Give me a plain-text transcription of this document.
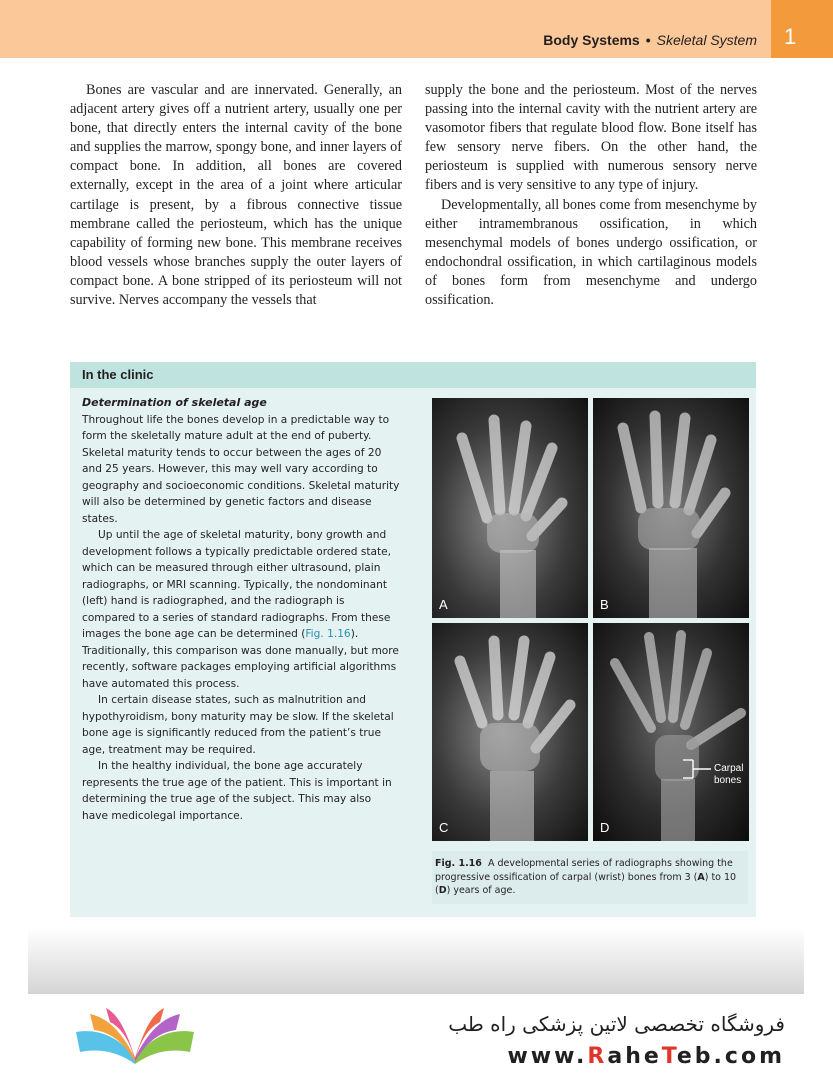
Body Systems • Skeletal System 1

Bones are vascular and are innervated. Generally, an adjacent artery gives off a nutrient artery, usually one per bone, that directly enters the internal cavity of the bone and supplies the marrow, spongy bone, and inner layers of compact bone. In addition, all bones are covered externally, except in the area of a joint where articular cartilage is present, by a fibrous connective tissue membrane called the periosteum, which has the unique capability of forming new bone. This membrane receives blood vessels whose branches supply the outer layers of compact bone. A bone stripped of its periosteum will not survive. Nerves accompany the vessels that

supply the bone and the periosteum. Most of the nerves passing into the internal cavity with the nutrient artery are vasomotor fibers that regulate blood flow. Bone itself has few sensory nerve fibers. On the other hand, the periosteum is supplied with numerous sensory nerve fibers and is very sensitive to any type of injury.

Developmentally, all bones come from mesenchyme by either intramembranous ossification, in which mesenchymal models of bones undergo ossification, or endochondral ossification, in which cartilaginous models of bones form from mesenchyme and undergo ossification.

In the clinic
Determination of skeletal age

Throughout life the bones develop in a predictable way to form the skeletally mature adult at the end of puberty. Skeletal maturity tends to occur between the ages of 20 and 25 years. However, this may well vary according to geography and socioeconomic conditions. Skeletal maturity will also be determined by genetic factors and disease states.

Up until the age of skeletal maturity, bony growth and development follows a typically predictable ordered state, which can be measured through either ultrasound, plain radiographs, or MRI scanning. Typically, the nondominant (left) hand is radiographed, and the radiograph is compared to a series of standard radiographs. From these images the bone age can be determined (Fig. 1.16). Traditionally, this comparison was done manually, but more recently, software packages employing artificial algorithms have automated this process.

In certain disease states, such as malnutrition and hypothyroidism, bony maturity may be slow. If the skeletal bone age is significantly reduced from the patient’s true age, treatment may be required.

In the healthy individual, the bone age accurately represents the true age of the patient. This is important in determining the true age of the subject. This may also have medicolegal importance.

A	B
C
Carpal
bones
D
Fig. 1.16 A developmental series of radiographs showing the progressive ossification of carpal (wrist) bones from 3 (A) to 10 (D) years of age.
فروشگاه تخصصی لاتین پزشکی راه طب
www.RaheTeb.com
